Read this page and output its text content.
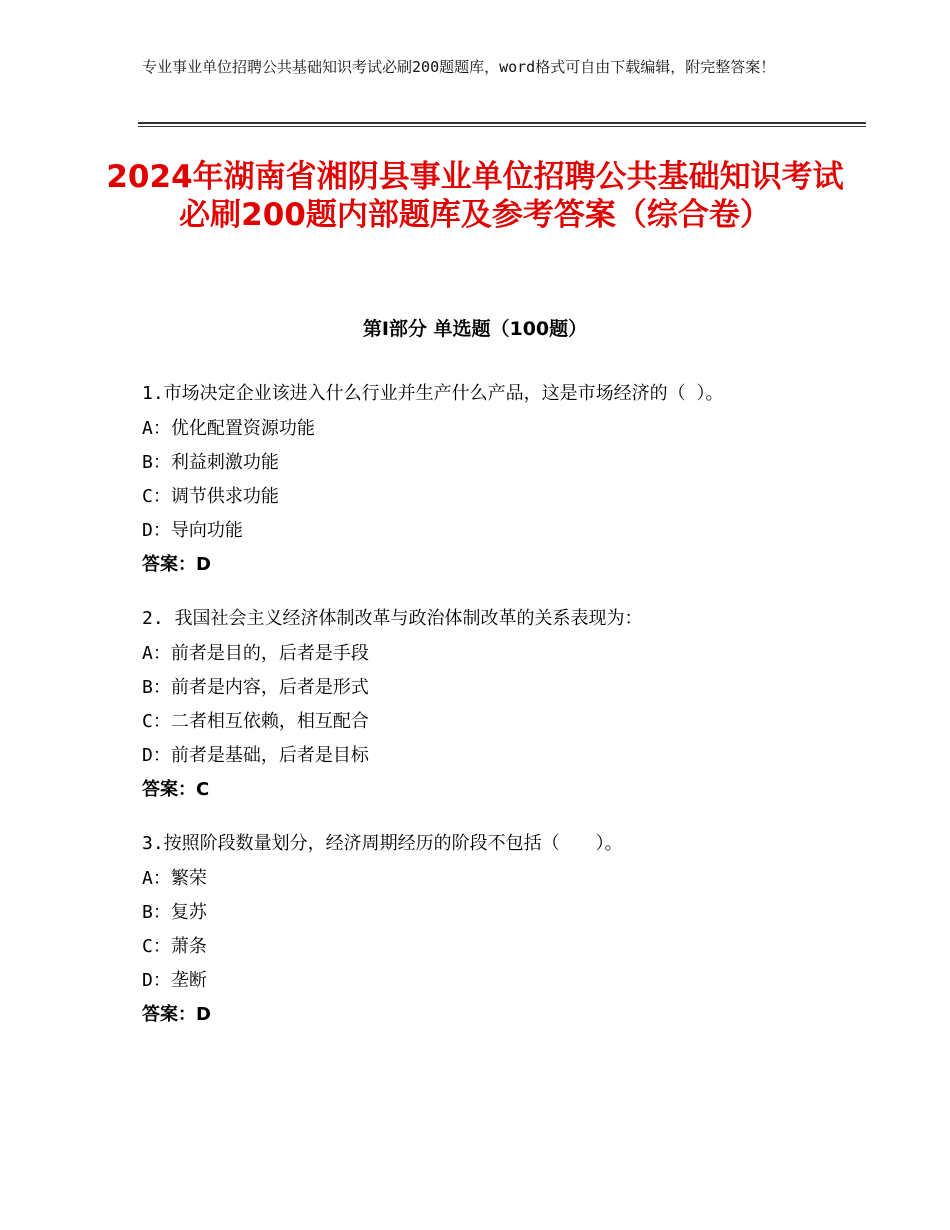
专业事业单位招聘公共基础知识考试必刷200题题库，word格式可自由下载编辑，附完整答案！
2024年湖南省湘阴县事业单位招聘公共基础知识考试必刷200题内部题库及参考答案（综合卷）
第Ⅰ部分 单选题（100题）
1.市场决定企业该进入什么行业并生产什么产品，这是市场经济的（ ）。
A：优化配置资源功能
B：利益刺激功能
C：调节供求功能
D：导向功能
答案：D
2. 我国社会主义经济体制改革与政治体制改革的关系表现为：
A：前者是目的，后者是手段
B：前者是内容，后者是形式
C：二者相互依赖，相互配合
D：前者是基础，后者是目标
答案：C
3.按照阶段数量划分，经济周期经历的阶段不包括（　　）。
A：繁荣
B：复苏
C：萧条
D：垄断
答案：D
